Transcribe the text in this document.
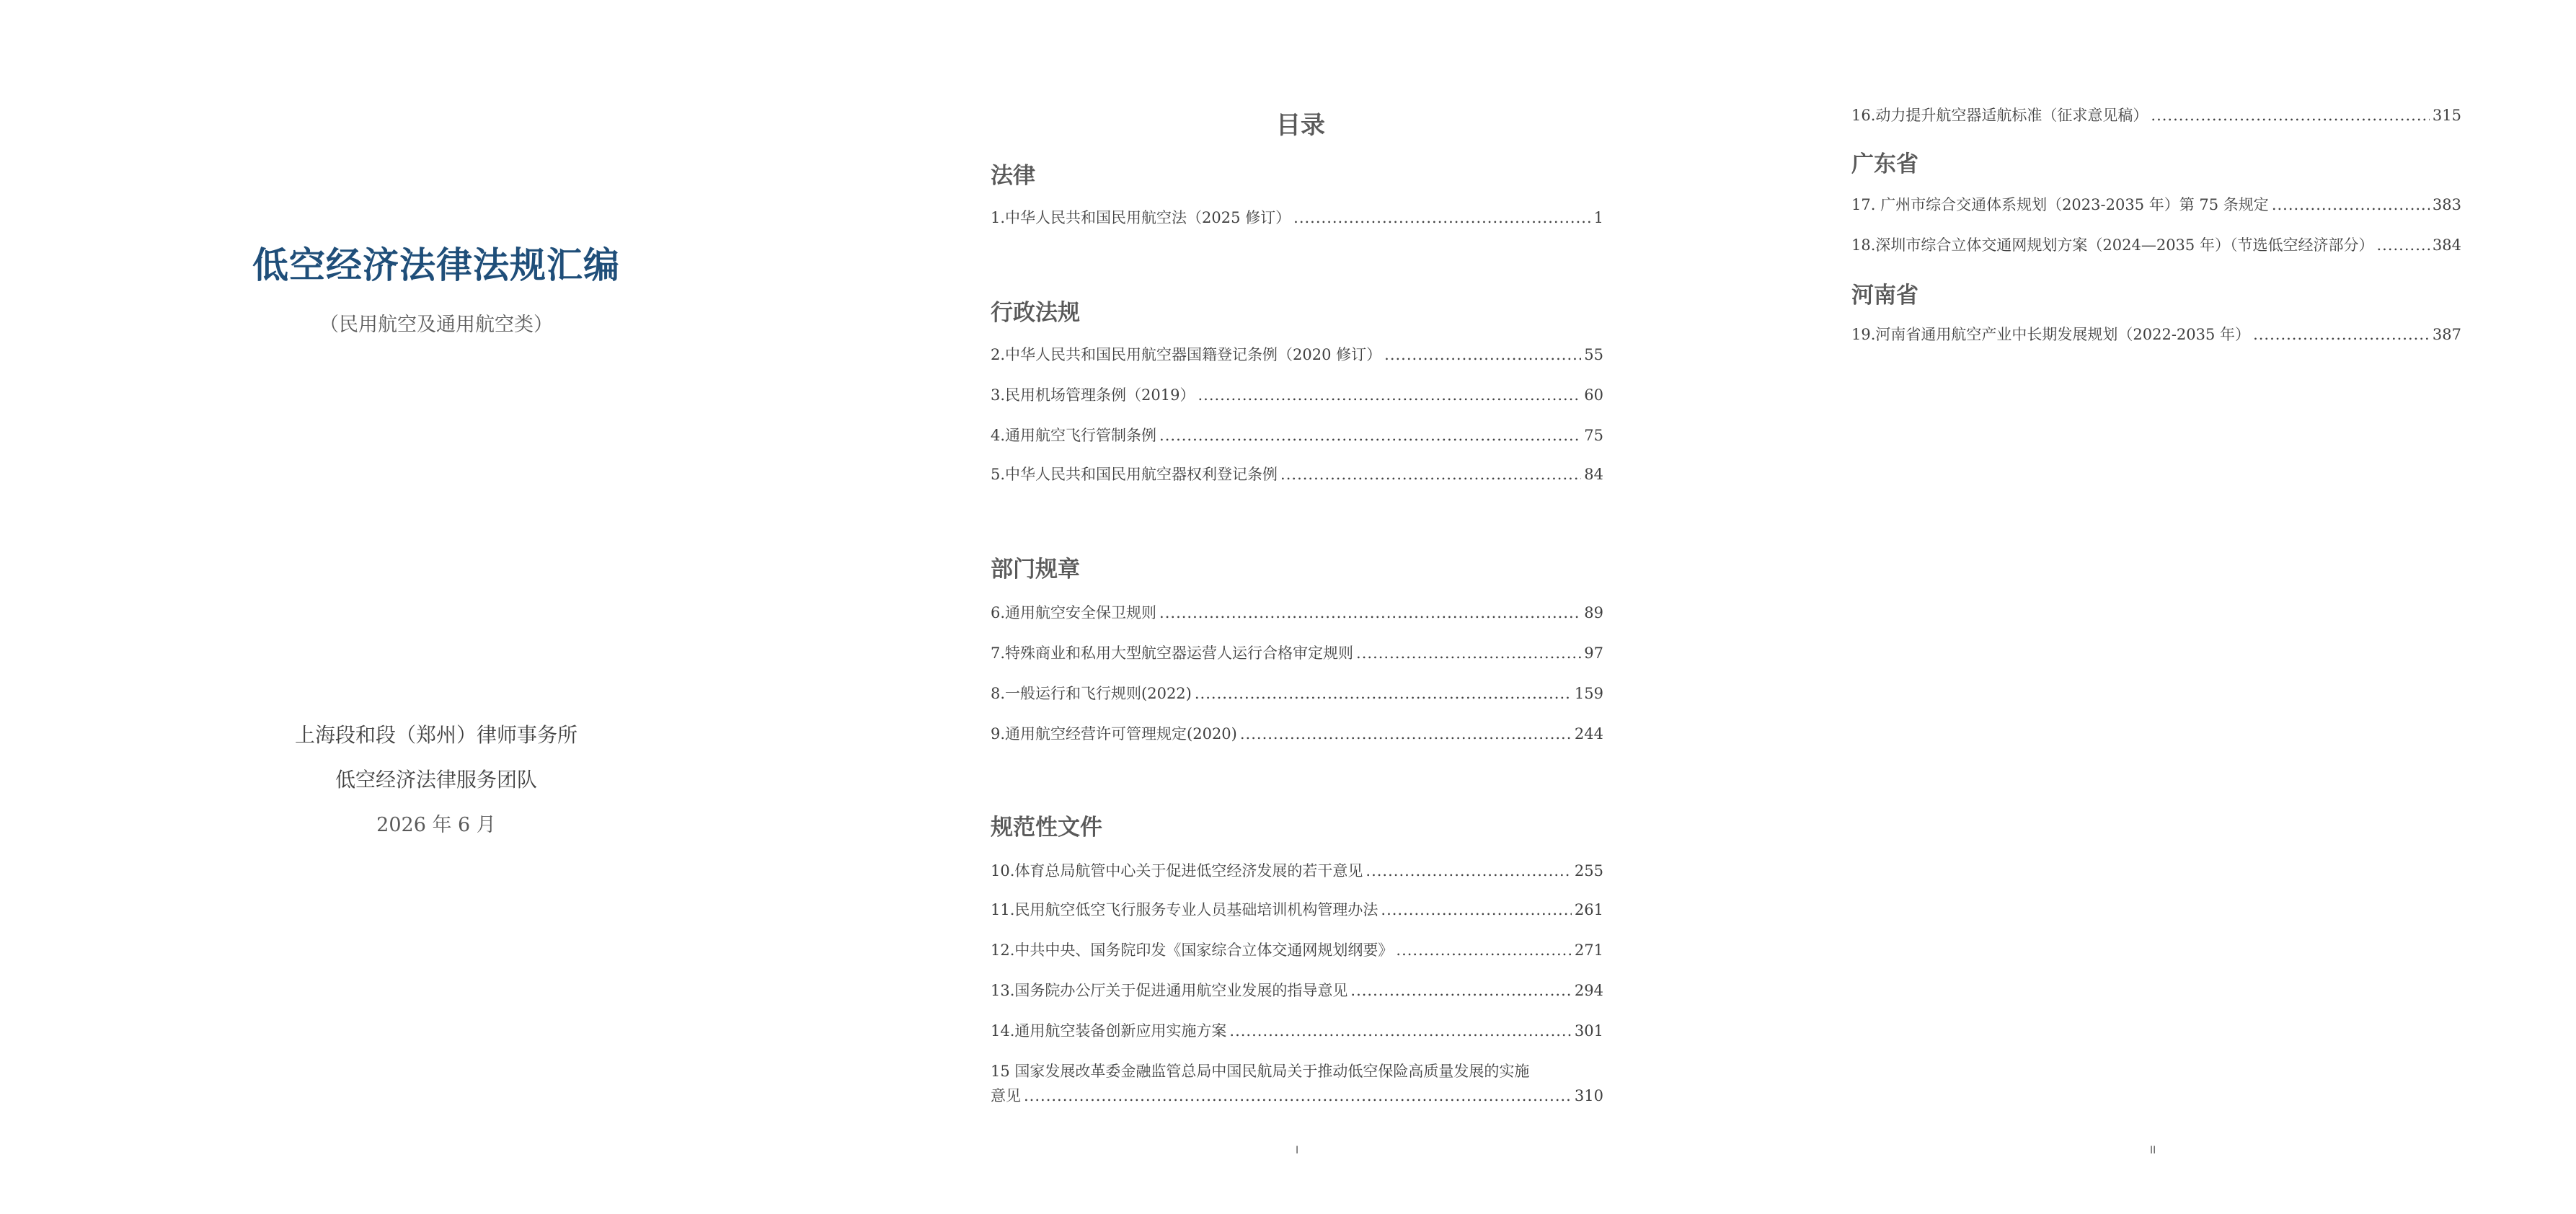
低空经济法律法规汇编
（民用航空及通用航空类）
上海段和段（郑州）律师事务所
低空经济法律服务团队
2026 年 6 月
目录
法律
1.中华人民共和国民用航空法（2025 修订） .....	1
行政法规
2.中华人民共和国民用航空器国籍登记条例（2020 修订） .....	55
3.民用机场管理条例（2019） .....	60
4.通用航空飞行管制条例 .....	75
5.中华人民共和国民用航空器权利登记条例 .....	84
部门规章
6.通用航空安全保卫规则 .....	89
7.特殊商业和私用大型航空器运营人运行合格审定规则 .....	97
8.一般运行和飞行规则(2022) .....	159
9.通用航空经营许可管理规定(2020) .....	244
规范性文件
10.体育总局航管中心关于促进低空经济发展的若干意见 .....	255
11.民用航空低空飞行服务专业人员基础培训机构管理办法 .....	261
12.中共中央、国务院印发《国家综合立体交通网规划纲要》 .....	271
13.国务院办公厅关于促进通用航空业发展的指导意见 .....	294
14.通用航空装备创新应用实施方案 .....	301
15 国家发展改革委金融监管总局中国民航局关于推动低空保险高质量发展的实施
意见 .....	310
I
16.动力提升航空器适航标准（征求意见稿） .....	315
广东省
17. 广州市综合交通体系规划（2023-2035 年）第 75 条规定 .....	383
18.深圳市综合立体交通网规划方案（2024—2035 年）（节选低空经济部分） .....	384
河南省
19.河南省通用航空产业中长期发展规划（2022-2035 年） .....	387
II
